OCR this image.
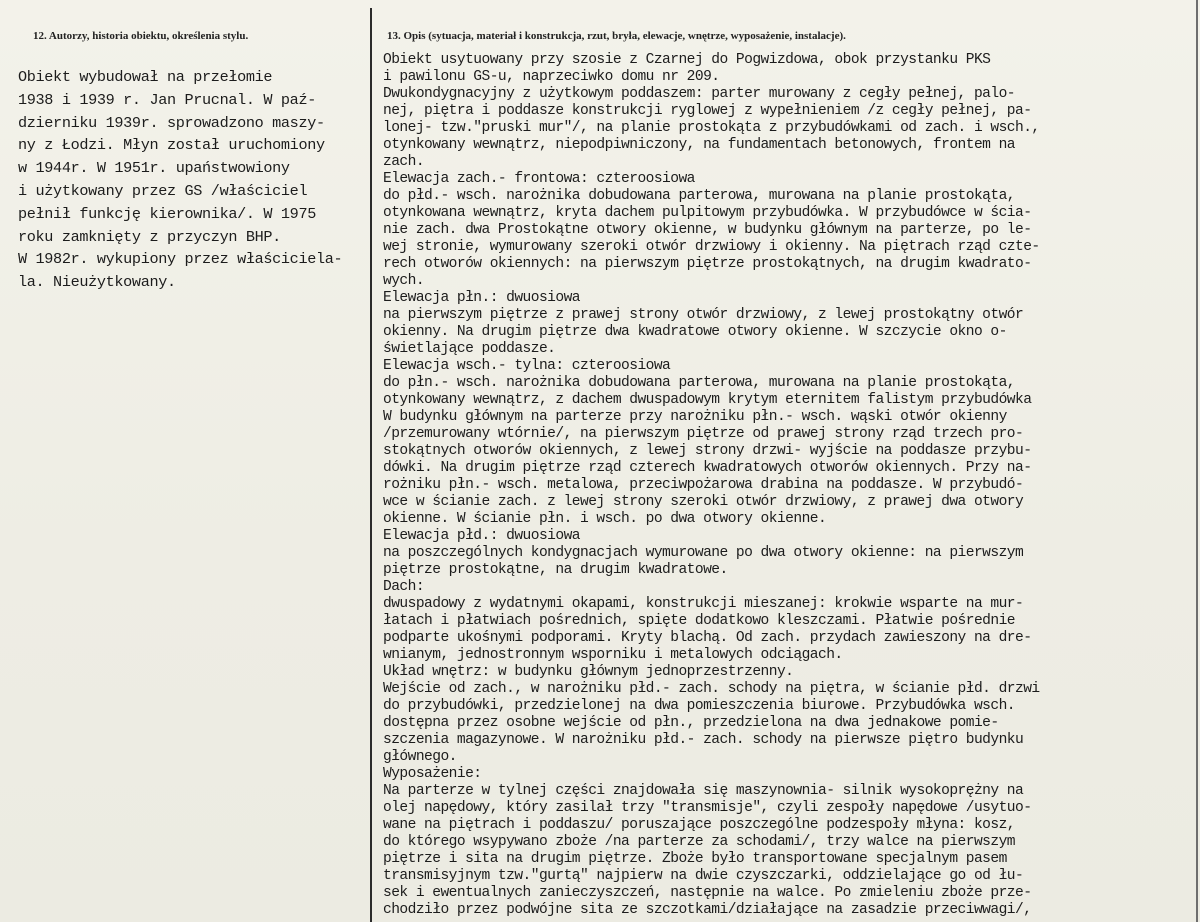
12. Autorzy, historia obiektu, określenia stylu.	13. Opis (sytuacja, materiał i konstrukcja, rzut, bryła, elewacje, wnętrze, wyposażenie, instalacje).
Obiekt wybudował na przełomie
1938 i 1939 r. Jan Prucnal. W paź-
dzierniku 1939r. sprowadzono maszy-
ny z Łodzi. Młyn został uruchomiony
w 1944r. W 1951r. upaństwowiony
i użytkowany przez GS /właściciel
pełnił funkcję kierownika/. W 1975
roku zamknięty z przyczyn BHP.
W 1982r. wykupiony przez właściciela-
la. Nieużytkowany.
Obiekt usytuowany przy szosie z Czarnej do Pogwizdowa, obok przystanku PKS
i pawilonu GS-u, naprzeciwko domu nr 209.
Dwukondygnacyjny z użytkowym poddaszem: parter murowany z cegły pełnej, palo-
nej, piętra i poddasze konstrukcji ryglowej z wypełnieniem /z cegły pełnej, pa-
lonej- tzw."pruski mur"/, na planie prostokąta z przybudówkami od zach. i wsch.,
otynkowany wewnątrz, niepodpiwniczony, na fundamentach betonowych, frontem na
zach.
Elewacja zach.- frontowa: czteroosiowa
do płd.- wsch. narożnika dobudowana parterowa, murowana na planie prostokąta,
otynkowana wewnątrz, kryta dachem pulpitowym przybudówka. W przybudówce w ścia-
nie zach. dwa Prostokątne otwory okienne, w budynku głównym na parterze, po le-
wej stronie, wymurowany szeroki otwór drzwiowy i okienny. Na piętrach rząd czte-
rech otworów okiennych: na pierwszym piętrze prostokątnych, na drugim kwadrato-
wych.
Elewacja płn.: dwuosiowa
na pierwszym piętrze z prawej strony otwór drzwiowy, z lewej prostokątny otwór
okienny. Na drugim piętrze dwa kwadratowe otwory okienne. W szczycie okno o-
świetlające poddasze.
Elewacja wsch.- tylna: czteroosiowa
do płn.- wsch. narożnika dobudowana parterowa, murowana na planie prostokąta,
otynkowany wewnątrz, z dachem dwuspadowym krytym eternitem falistym przybudówka
W budynku głównym na parterze przy narożniku płn.- wsch. wąski otwór okienny
/przemurowany wtórnie/, na pierwszym piętrze od prawej strony rząd trzech pro-
stokątnych otworów okiennych, z lewej strony drzwi- wyjście na poddasze przybu-
dówki. Na drugim piętrze rząd czterech kwadratowych otworów okiennych. Przy na-
rożniku płn.- wsch. metalowa, przeciwpożarowa drabina na poddasze. W przybudó-
wce w ścianie zach. z lewej strony szeroki otwór drzwiowy, z prawej dwa otwory
okienne. W ścianie płn. i wsch. po dwa otwory okienne.
Elewacja płd.: dwuosiowa
na poszczególnych kondygnacjach wymurowane po dwa otwory okienne: na pierwszym
piętrze prostokątne, na drugim kwadratowe.
Dach:
dwuspadowy z wydatnymi okapami, konstrukcji mieszanej: krokwie wsparte na mur-
łatach i płatwiach pośrednich, spięte dodatkowo kleszczami. Płatwie pośrednie
podparte ukośnymi podporami. Kryty blachą. Od zach. przydach zawieszony na dre-
wnianym, jednostronnym wsporniku i metalowych odciągach.
Układ wnętrz: w budynku głównym jednoprzestrzenny.
Wejście od zach., w narożniku płd.- zach. schody na piętra, w ścianie płd. drzwi
do przybudówki, przedzielonej na dwa pomieszczenia biurowe. Przybudówka wsch.
dostępna przez osobne wejście od płn., przedzielona na dwa jednakowe pomie-
szczenia magazynowe. W narożniku płd.- zach. schody na pierwsze piętro budynku
głównego.
Wyposażenie:
Na parterze w tylnej części znajdowała się maszynownia- silnik wysokoprężny na
olej napędowy, który zasilał trzy "transmisje", czyli zespoły napędowe /usytuo-
wane na piętrach i poddaszu/ poruszające poszczególne podzespoły młyna: kosz,
do którego wsypywano zboże /na parterze za schodami/, trzy walce na pierwszym
piętrze i sita na drugim piętrze. Zboże było transportowane specjalnym pasem
transmisyjnym tzw."gurtą" najpierw na dwie czyszczarki, oddzielające go od łu-
sek i ewentualnych zanieczyszczeń, następnie na walce. Po zmieleniu zboże prze-
chodziło przez podwójne sita ze szczotkami/działające na zasadzie przeciwwagi/,
